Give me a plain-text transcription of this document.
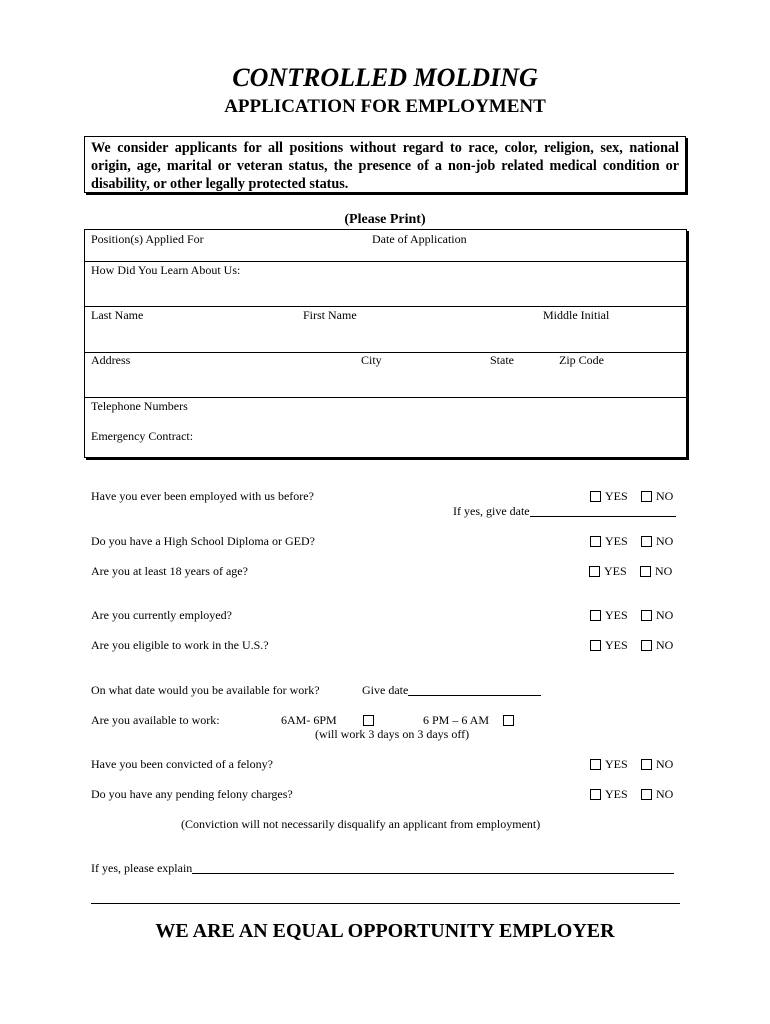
CONTROLLED MOLDING
APPLICATION FOR EMPLOYMENT
We consider applicants for all positions without regard to race, color, religion, sex, national origin, age, marital or veteran status, the presence of a non-job related medical condition or disability, or other legally protected status.
(Please Print)
Position(s) Applied For	Date of Application
How Did You Learn About Us:
Last Name	First Name	Middle Initial
Address	City	State	Zip Code
Telephone Numbers
Emergency Contract:
Have you ever been employed with us before?	YES	NO
If yes, give date
Do you have a High School Diploma or GED?	YES	NO
Are you at least 18 years of age?	YES	NO
Are you currently employed?	YES	NO
Are you eligible to work in the U.S.?	YES	NO
On what date would you be available for work?	Give date
Are you available to work:	6AM- 6PM	6 PM – 6 AM
(will work 3 days on 3 days off)
Have you been convicted of a felony?	YES	NO
Do you have any pending felony charges?	YES	NO
(Conviction will not necessarily disqualify an applicant from employment)
If yes, please explain
WE ARE AN EQUAL OPPORTUNITY EMPLOYER
